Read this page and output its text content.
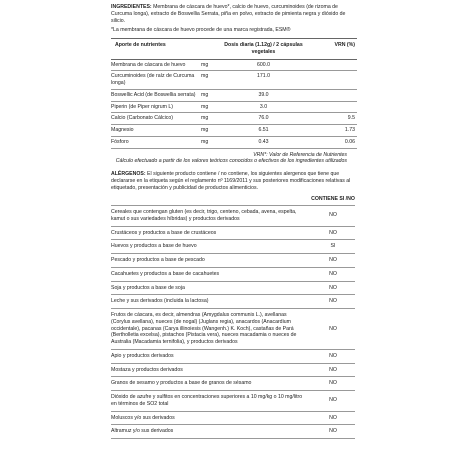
INGREDIENTES: Membrana de cáscara de huevo*, calcio de huevo, curcuminoides (de rizoma de Curcuma longa), extracto de Boswellia Serrata, piña en polvo, extracto de pimienta negra y dióxido de silicio.

*La membrana de cáscara de huevo procede de una marca registrada, ESM®

Aporte de nutrientes		Dosis diaria (1.12g) / 2 cápsulas vegetales	VRN (%)
Membrana de cáscara de huevo	mg	600.0	
Curcuminoides (de raíz de Curcuma longa)	mg	171.0	
Boswellic Acid (de Boswellia serrata)	mg	39.0	
Piperin (de Piper nigrum L)	mg	3.0	
Calcio (Carbonato Cálcico)	mg	76.0	9.5
Magnesio	mg	6.51	1.73
Fósforo	mg	0.43	0.06
VRN*: Valor de Referencia de Nutrientes
Cálculo efectuado a partir de los valores teóricos conocidos o efectivos de los ingredientes utilizados

ALÉRGENOS: El siguiente producto contiene / no contiene, los siguientes alergenos que tiene que declararse en la etiqueta según el reglamento nº 1169/2011 y sus posteriores modificaciones relativas al etiquetado, presentación y publicidad de productos alimenticios.

	CONTIENE SI /NO
Cereales que contengan gluten (es decir, trigo, centeno, cebada, avena, espelta, kamut o sus variedades híbridas) y productos derivados	NO
Crustáceos y productos a base de crustáceos	NO
Huevos y productos a base de huevo	SI
Pescado y productos a base de pescado	NO
Cacahuetes y productos a base de cacahuetes	NO
Soja y productos a base de soja	NO
Leche y sus derivados (incluida la lactosa)	NO
Frutos de cáscara, es decir, almendras (Amygdalus communis L.), avellanas (Corylus avellana), nueces (de nogal) (Juglans regia), anacardos (Anacardium occidentale), pacanas (Carya illinoiesis (Wangenh.) K. Koch), castañas de Pará (Bertholletia excelsa), pistachos (Pistacia vera), nueces macadamia o nueces de Australia (Macadamia ternifolia), y productos derivados	NO
Apio y productos derivados	NO
Mostaza y productos derivados	NO
Granos de sesamo y productos a base de granos de sésamo	NO
Dióxido de azufre y sulfitos en concentraciones superiores a 10 mg/kg o 10 mg/litro en términos de SO2 total	NO
Moluscos y/o sus derivados	NO
Altramuz y/o sus derivados	NO
